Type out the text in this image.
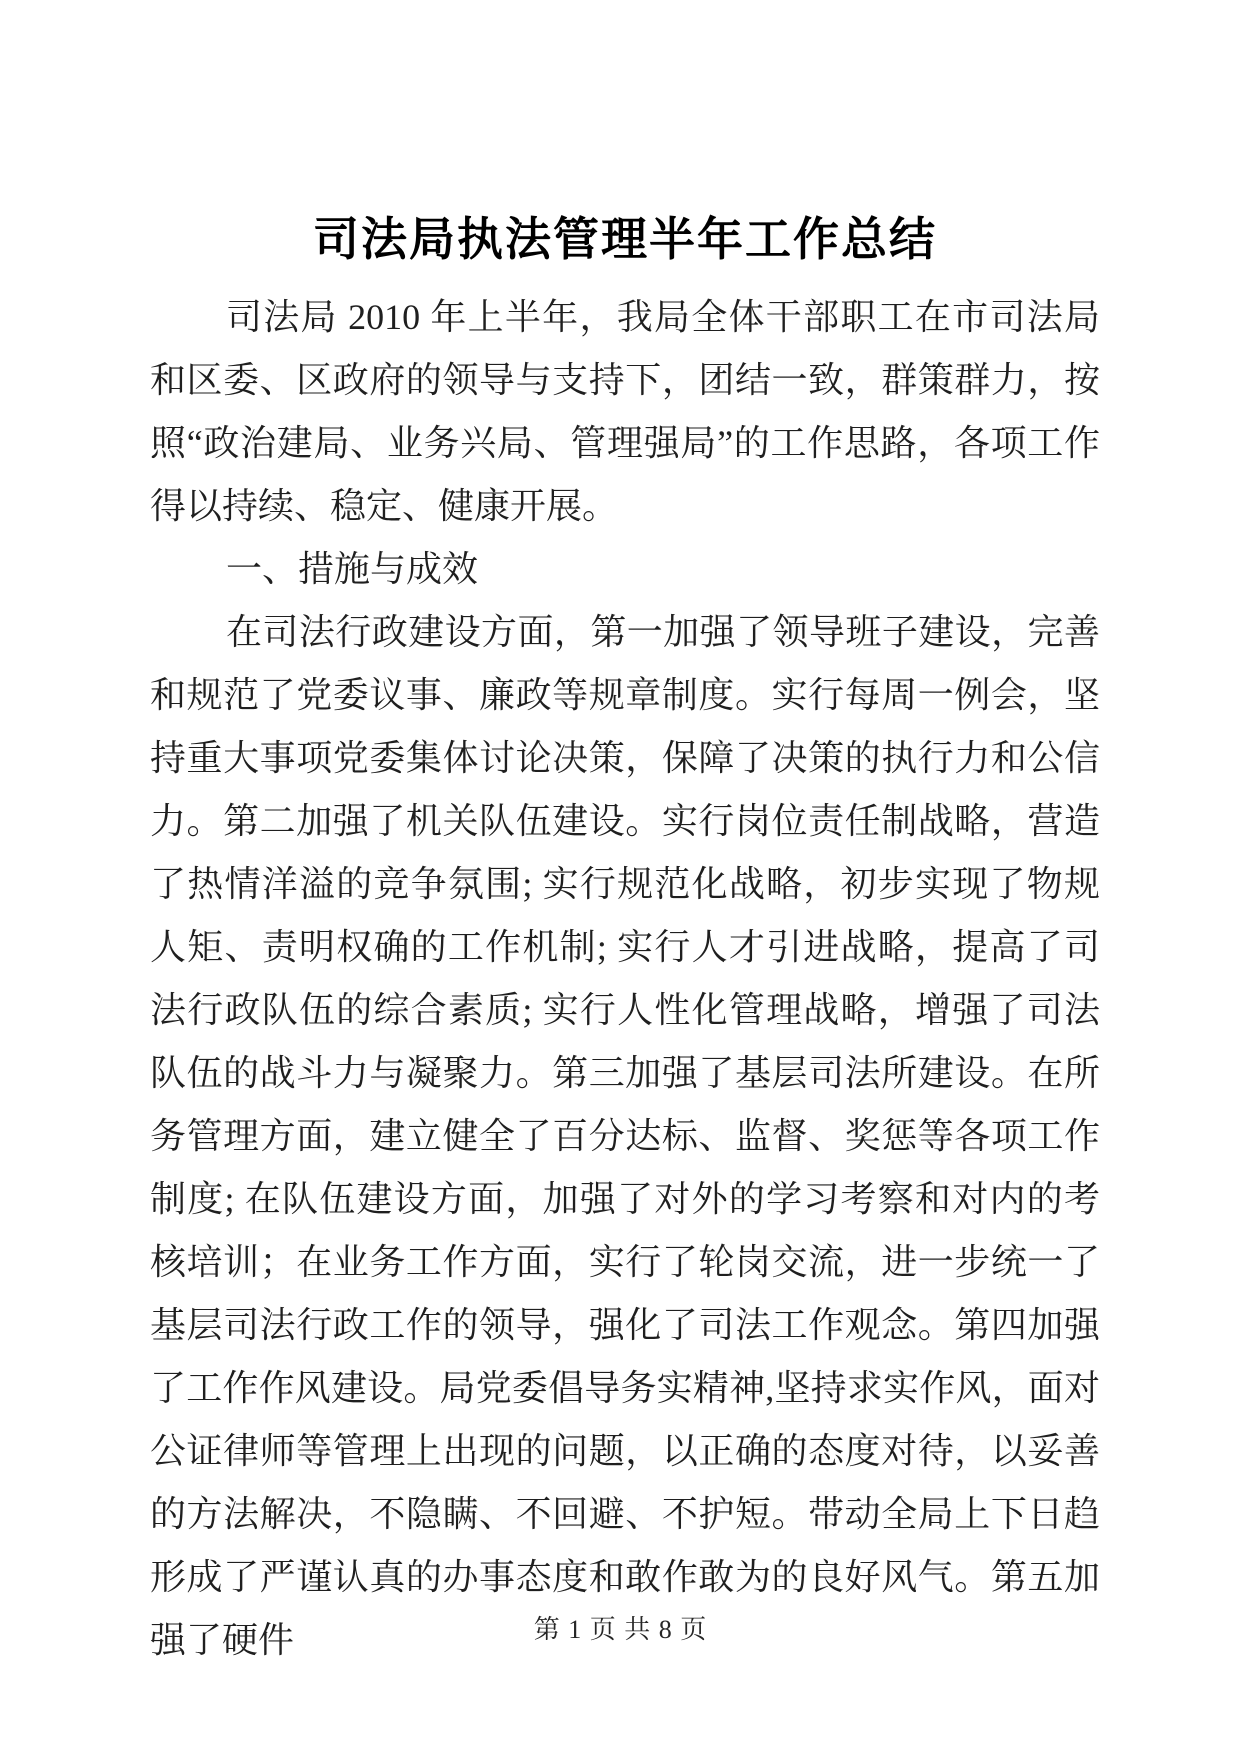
司法局执法管理半年工作总结

司法局 2010 年上半年，我局全体干部职工在市司法局和区委、区政府的领导与支持下，团结一致，群策群力，按照“政治建局、业务兴局、管理强局”的工作思路，各项工作得以持续、稳定、健康开展。

一、措施与成效

在司法行政建设方面，第一加强了领导班子建设，完善和规范了党委议事、廉政等规章制度。实行每周一例会，坚持重大事项党委集体讨论决策，保障了决策的执行力和公信力。第二加强了机关队伍建设。实行岗位责任制战略，营造了热情洋溢的竞争氛围; 实行规范化战略，初步实现了物规人矩、责明权确的工作机制; 实行人才引进战略，提高了司法行政队伍的综合素质; 实行人性化管理战略，增强了司法队伍的战斗力与凝聚力。第三加强了基层司法所建设。在所务管理方面，建立健全了百分达标、监督、奖惩等各项工作制度; 在队伍建设方面，加强了对外的学习考察和对内的考核培训；在业务工作方面，实行了轮岗交流，进一步统一了基层司法行政工作的领导，强化了司法工作观念。第四加强了工作作风建设。局党委倡导务实精神,坚持求实作风，面对公证律师等管理上出现的问题，以正确的态度对待，以妥善的方法解决，不隐瞒、不回避、不护短。带动全局上下日趋形成了严谨认真的办事态度和敢作敢为的良好风气。第五加强了硬件	第 1 页 共 8 页
